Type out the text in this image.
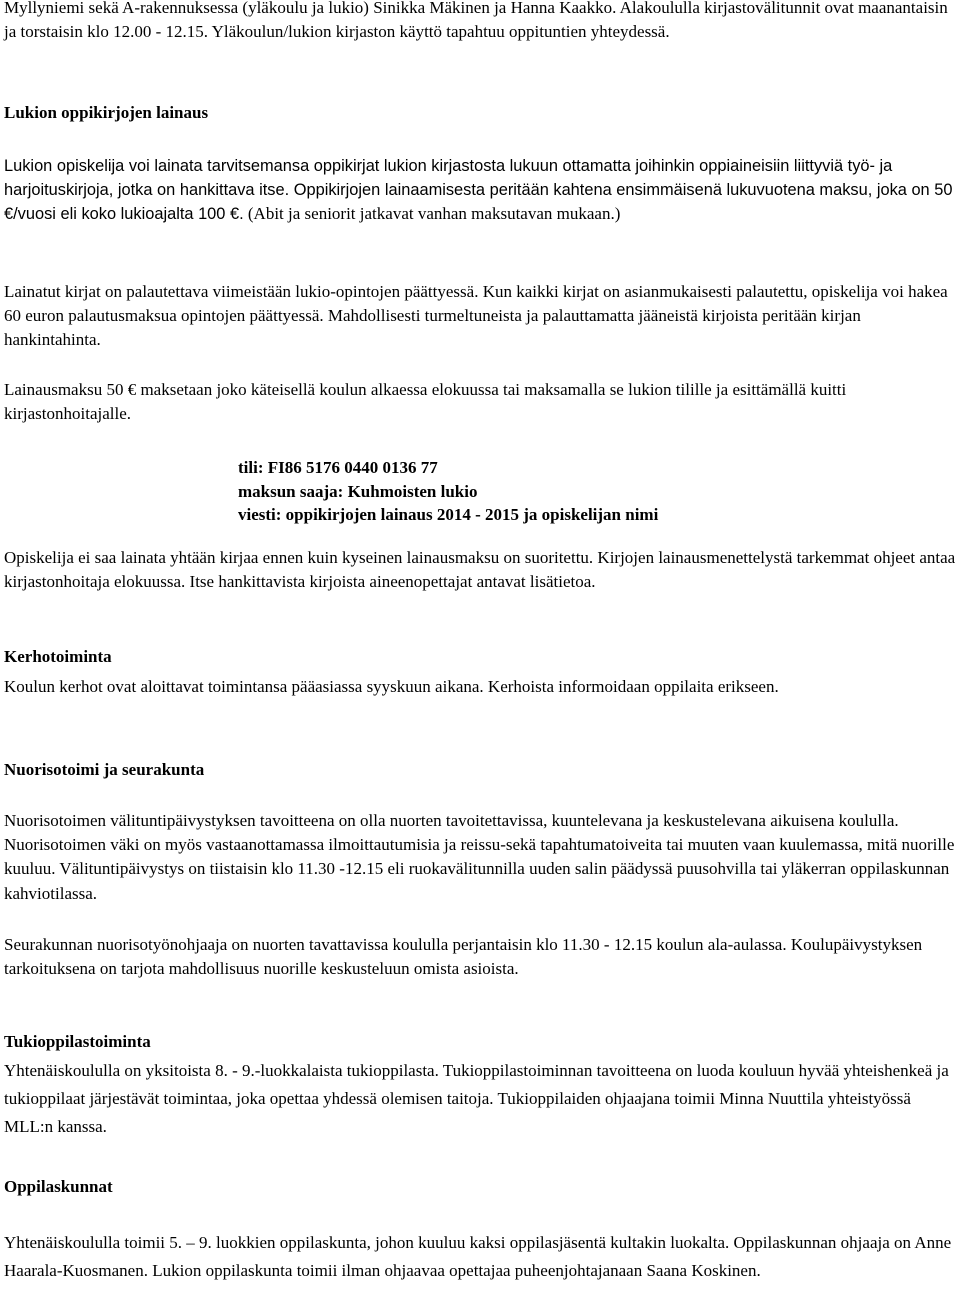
Myllyniemi sekä A-rakennuksessa (yläkoulu ja lukio) Sinikka Mäkinen ja Hanna Kaakko. Alakoululla kirjastovälitunnit ovat maanantaisin ja torstaisin klo 12.00 - 12.15. Yläkoulun/lukion kirjaston käyttö tapahtuu oppituntien yhteydessä.

Lukion oppikirjojen lainaus

Lukion opiskelija voi lainata tarvitsemansa oppikirjat lukion kirjastosta lukuun ottamatta joihinkin oppiaineisiin liittyviä työ- ja harjoituskirjoja, jotka on hankittava itse. Oppikirjojen lainaamisesta peritään kahtena ensimmäisenä lukuvuotena maksu, joka on 50 €/vuosi eli koko lukioajalta 100 €. (Abit ja seniorit jatkavat vanhan maksutavan mukaan.)

Lainatut kirjat on palautettava viimeistään lukio-opintojen päättyessä. Kun kaikki kirjat on asianmukaisesti palautettu, opiskelija voi hakea 60 euron palautusmaksua opintojen päättyessä. Mahdollisesti turmeltuneista ja palauttamatta jääneistä kirjoista peritään kirjan hankintahinta.

Lainausmaksu 50 € maksetaan joko käteisellä koulun alkaessa elokuussa tai maksamalla se lukion tilille ja esittämällä kuitti kirjastonhoitajalle.

tili: FI86 5176 0440 0136 77
maksun saaja: Kuhmoisten lukio
viesti: oppikirjojen lainaus 2014 - 2015 ja opiskelijan nimi

Opiskelija ei saa lainata yhtään kirjaa ennen kuin kyseinen lainausmaksu on suoritettu. Kirjojen lainausmenettelystä tarkemmat ohjeet antaa kirjastonhoitaja elokuussa. Itse hankittavista kirjoista aineenopettajat antavat lisätietoa.

Kerhotoiminta

Koulun kerhot ovat aloittavat toimintansa pääasiassa syyskuun aikana. Kerhoista informoidaan oppilaita erikseen.

Nuorisotoimi ja seurakunta

Nuorisotoimen välituntipäivystyksen tavoitteena on olla nuorten tavoitettavissa, kuuntelevana ja keskustelevana aikuisena koululla. Nuorisotoimen väki on myös vastaanottamassa ilmoittautumisia ja reissu-sekä tapahtumatoiveita tai muuten vaan kuulemassa, mitä nuorille kuuluu. Välituntipäivystys on tiistaisin klo 11.30 -12.15 eli ruokavälitunnilla uuden salin päädyssä puusohvilla tai yläkerran oppilaskunnan kahviotilassa.

Seurakunnan nuorisotyönohjaaja on nuorten tavattavissa koululla perjantaisin klo 11.30 - 12.15 koulun ala-aulassa. Koulupäivystyksen tarkoituksena on tarjota mahdollisuus nuorille keskusteluun omista asioista.

Tukioppilastoiminta

Yhtenäiskoululla on yksitoista 8. - 9.-luokkalaista tukioppilasta. Tukioppilastoiminnan tavoitteena on luoda kouluun hyvää yhteishenkeä ja tukioppilaat järjestävät toimintaa, joka opettaa yhdessä olemisen taitoja. Tukioppilaiden ohjaajana toimii Minna Nuuttila yhteistyössä MLL:n kanssa.

Oppilaskunnat

Yhtenäiskoululla toimii 5. – 9. luokkien oppilaskunta, johon kuuluu kaksi oppilasjäsentä kultakin luokalta. Oppilaskunnan ohjaaja on Anne Haarala-Kuosmanen. Lukion oppilaskunta toimii ilman ohjaavaa opettajaa puheenjohtajanaan Saana Koskinen.
